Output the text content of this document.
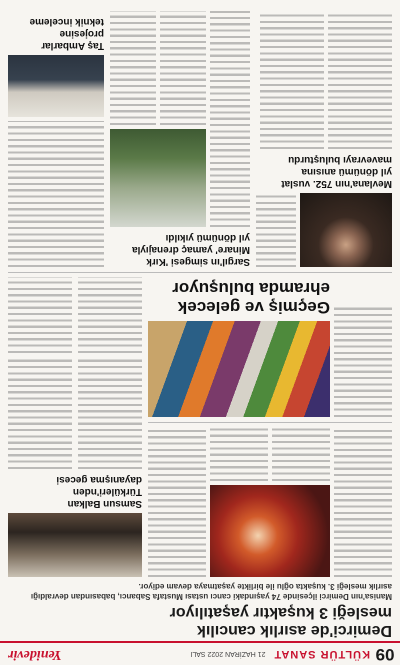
09
KÜLTÜR SANAT
21 HAZİRAN 2022 SALI
Yenidevir
Demirci'de asırlık cancılık
mesleği 3 kuşaktır yaşatılıyor
Manisa'nın Demirci ilçesinde 74 yaşındaki cancı ustası Mustafa Sabancı, babasından devraldığı asırlık mesleği 3. kuşakta oğlu ile birlikte yaşatmaya devam ediyor.
Samsun Balkan
Türküleri'nden
dayanışma gecesi
Geçmiş ve gelecek
ehramda buluşuyor
Mevlana'nın 752. vuslat
yıl dönümü anısına
mavevrayı buluşturdu
Sargıl'ın simgesi 'Kırk
Minare' yamaç drenajıyla
yıl dönümü yıkıldı
Taş Ambarlar projesine
teknik inceleme
